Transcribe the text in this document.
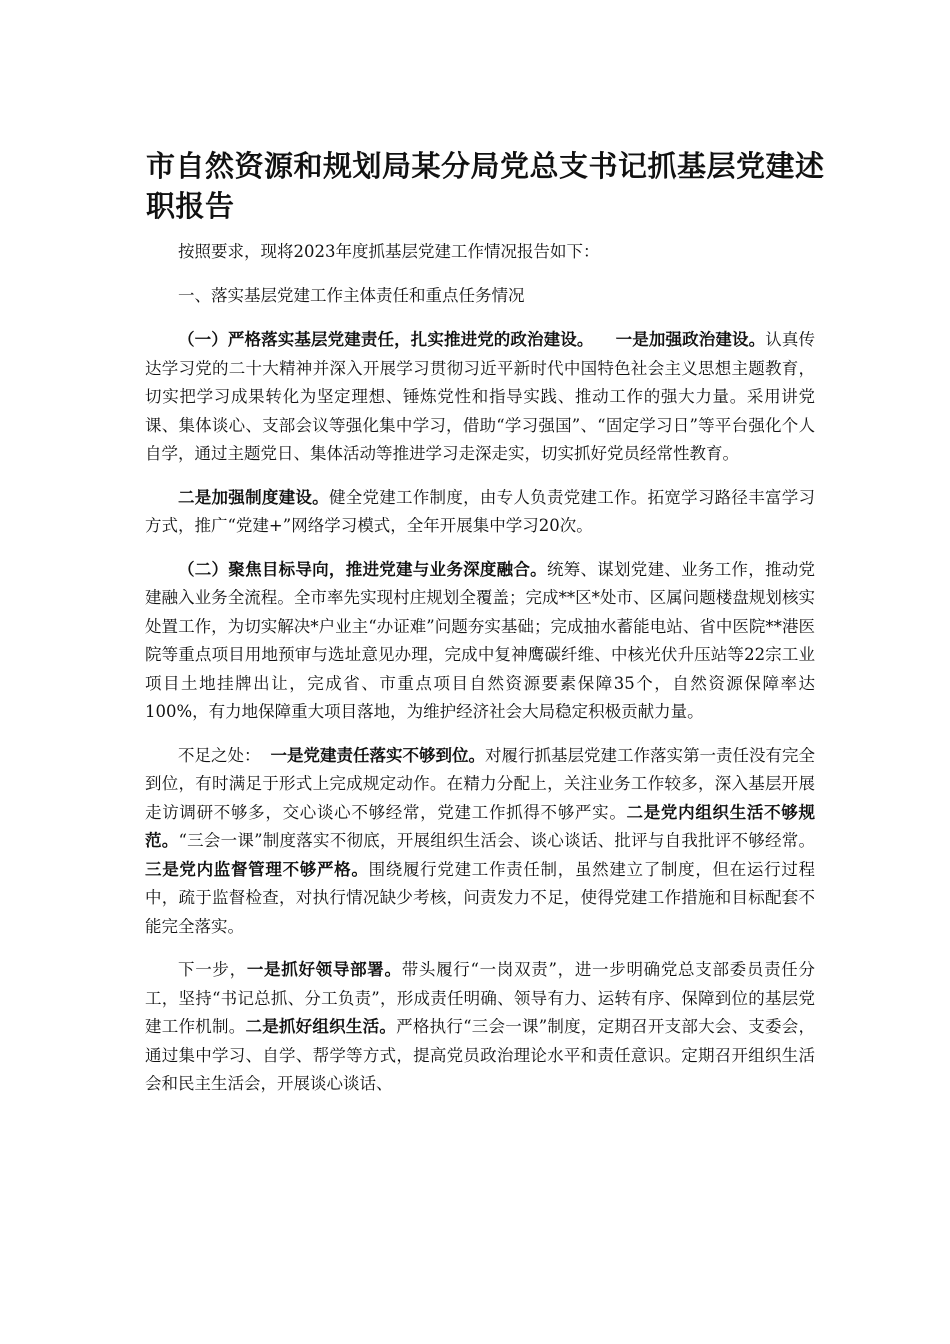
市自然资源和规划局某分局党总支书记抓基层党建述职报告

按照要求，现将2023年度抓基层党建工作情况报告如下：

一、落实基层党建工作主体责任和重点任务情况

（一）严格落实基层党建责任，扎实推进党的政治建设。 一是加强政治建设。认真传达学习党的二十大精神并深入开展学习贯彻习近平新时代中国特色社会主义思想主题教育，切实把学习成果转化为坚定理想、锤炼党性和指导实践、推动工作的强大力量。采用讲党课、集体谈心、支部会议等强化集中学习，借助“学习强国”、“固定学习日”等平台强化个人自学，通过主题党日、集体活动等推进学习走深走实，切实抓好党员经常性教育。

二是加强制度建设。健全党建工作制度，由专人负责党建工作。拓宽学习路径丰富学习方式，推广“党建+”网络学习模式，全年开展集中学习20次。

（二）聚焦目标导向，推进党建与业务深度融合。统筹、谋划党建、业务工作，推动党建融入业务全流程。全市率先实现村庄规划全覆盖；完成**区*处市、区属问题楼盘规划核实处置工作，为切实解决*户业主“办证难”问题夯实基础；完成抽水蓄能电站、省中医院**港医院等重点项目用地预审与选址意见办理，完成中复神鹰碳纤维、中核光伏升压站等22宗工业项目土地挂牌出让，完成省、市重点项目自然资源要素保障35个，自然资源保障率达100%，有力地保障重大项目落地，为维护经济社会大局稳定积极贡献力量。

不足之处： 一是党建责任落实不够到位。对履行抓基层党建工作落实第一责任没有完全到位，有时满足于形式上完成规定动作。在精力分配上，关注业务工作较多，深入基层开展走访调研不够多，交心谈心不够经常，党建工作抓得不够严实。二是党内组织生活不够规范。“三会一课”制度落实不彻底，开展组织生活会、谈心谈话、批评与自我批评不够经常。三是党内监督管理不够严格。围绕履行党建工作责任制，虽然建立了制度，但在运行过程中，疏于监督检查，对执行情况缺少考核，问责发力不足，使得党建工作措施和目标配套不能完全落实。

下一步，一是抓好领导部署。带头履行“一岗双责”，进一步明确党总支部委员责任分工，坚持“书记总抓、分工负责”，形成责任明确、领导有力、运转有序、保障到位的基层党建工作机制。二是抓好组织生活。严格执行“三会一课”制度，定期召开支部大会、支委会，通过集中学习、自学、帮学等方式，提高党员政治理论水平和责任意识。定期召开组织生活会和民主生活会，开展谈心谈话、
